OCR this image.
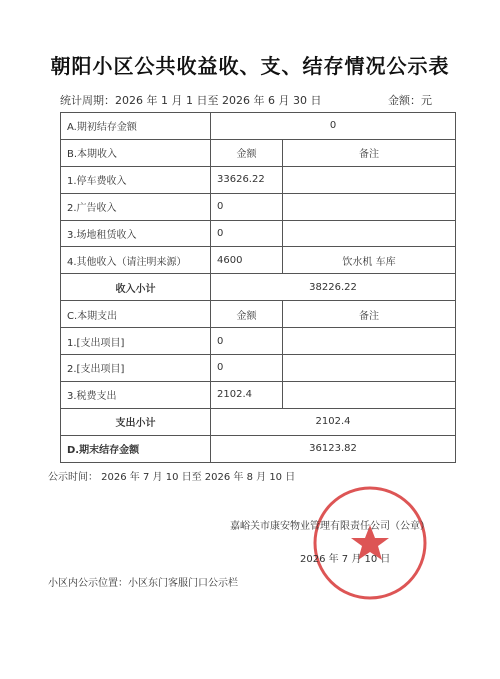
朝阳小区公共收益收、支、结存情况公示表
统计周期：2026 年 1 月 1 日至 2026 年 6 月 30 日	金额：元
A.期初结存金额	0	
B.本期收入	金额	备注
1.停车费收入	33626.22	
2.广告收入	0	
3.场地租赁收入	0	
4.其他收入（请注明来源）	4600	饮水机 车库
收入小计	38226.22	
C.本期支出	金额	备注
1.[支出项目]	0	
2.[支出项目]	0	
3.税费支出	2102.4	
支出小计	2102.4	
D.期末结存金额	36123.82	
公示时间： 2026 年 7 月 10 日至 2026 年 8 月 10 日
嘉峪关市康安物业管理有限责任公司（公章）
2026 年 7 月 10 日
小区内公示位置：小区东门客服门口公示栏
